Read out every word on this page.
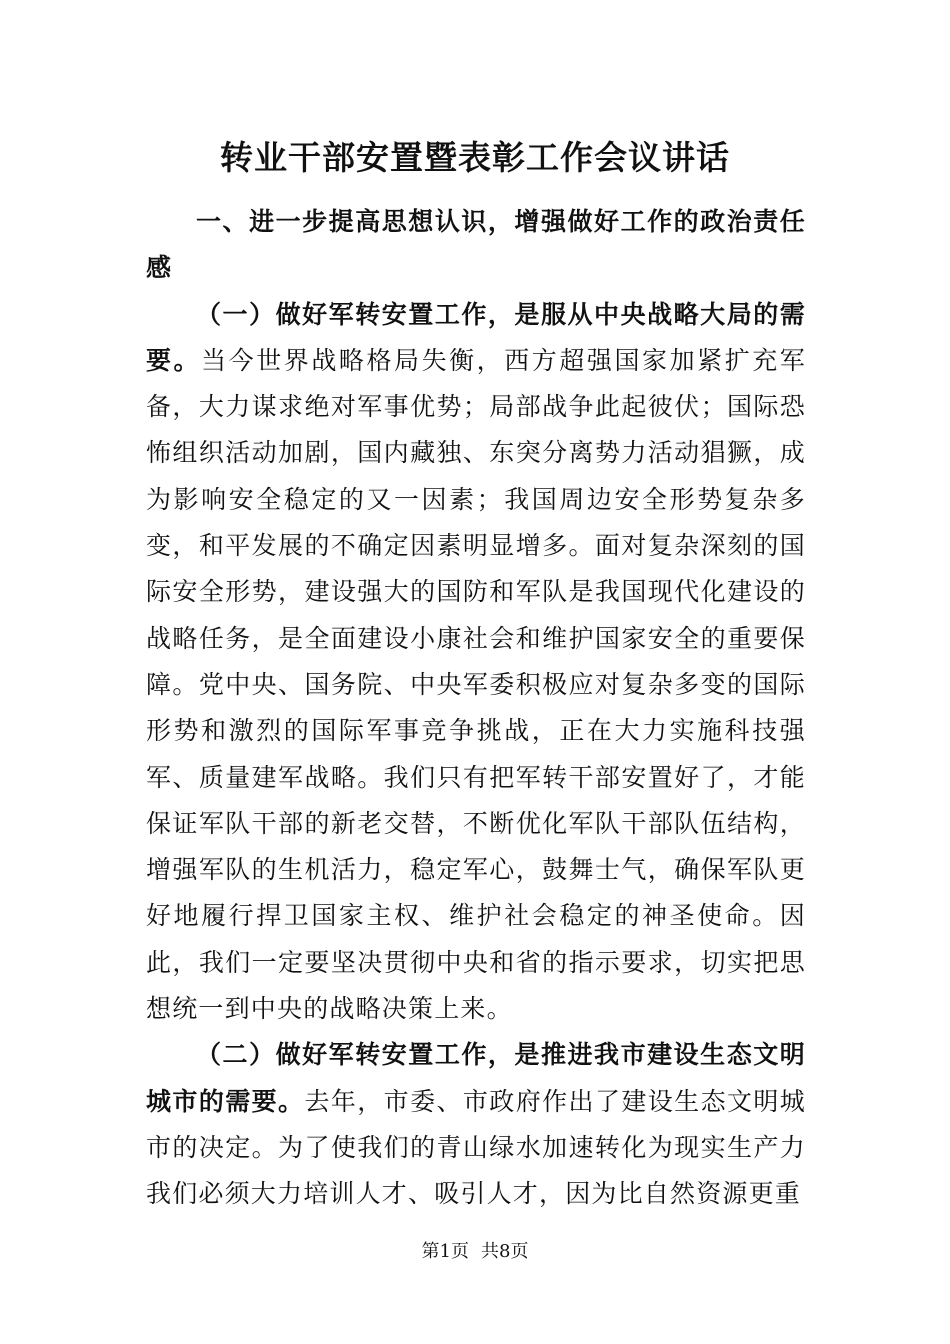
转业干部安置暨表彰工作会议讲话

一、进一步提高思想认识，增强做好工作的政治责任感

（一）做好军转安置工作，是服从中央战略大局的需要。当今世界战略格局失衡，西方超强国家加紧扩充军备，大力谋求绝对军事优势；局部战争此起彼伏；国际恐怖组织活动加剧，国内藏独、东突分离势力活动猖獗，成为影响安全稳定的又一因素；我国周边安全形势复杂多变，和平发展的不确定因素明显增多。面对复杂深刻的国际安全形势，建设强大的国防和军队是我国现代化建设的战略任务，是全面建设小康社会和维护国家安全的重要保障。党中央、国务院、中央军委积极应对复杂多变的国际形势和激烈的国际军事竞争挑战，正在大力实施科技强军、质量建军战略。我们只有把军转干部安置好了，才能保证军队干部的新老交替，不断优化军队干部队伍结构，增强军队的生机活力，稳定军心，鼓舞士气，确保军队更好地履行捍卫国家主权、维护社会稳定的神圣使命。因此，我们一定要坚决贯彻中央和省的指示要求，切实把思想统一到中央的战略决策上来。

（二）做好军转安置工作，是推进我市建设生态文明城市的需要。去年，市委、市政府作出了建设生态文明城市的决定。为了使我们的青山绿水加速转化为现实生产力我们必须大力培训人才、吸引人才，因为比自然资源更重

第1页 共8页
